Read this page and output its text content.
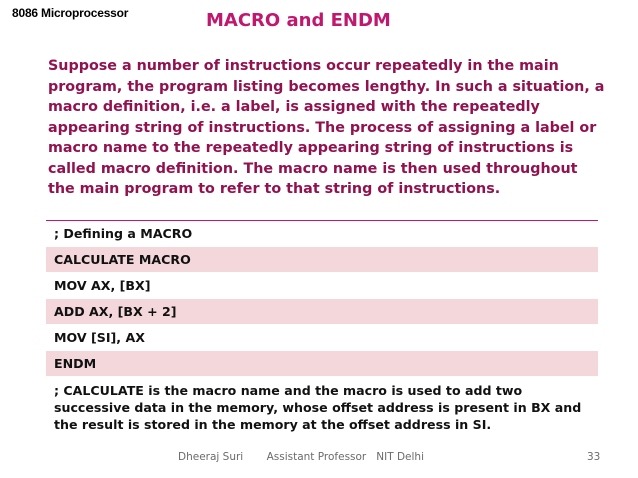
8086 Microprocessor	MACRO and ENDM

Suppose a number of instructions occur repeatedly in the main program, the program listing becomes lengthy. In such a situation, a macro definition, i.e. a label, is assigned with the repeatedly appearing string of instructions. The process of assigning a label or macro name to the repeatedly appearing string of instructions is called macro definition. The macro name is then used throughout the main program to refer to that string of instructions.

; Defining a MACRO
CALCULATE MACRO
MOV AX, [BX]
ADD AX, [BX + 2]
MOV [SI], AX
ENDM
; CALCULATE is the macro name and the macro is used to add two successive data in the memory, whose offset address is present in BX and the result is stored in the memory at the offset address in SI.
Dheeraj Suri       Assistant Professor   NIT Delhi	33
